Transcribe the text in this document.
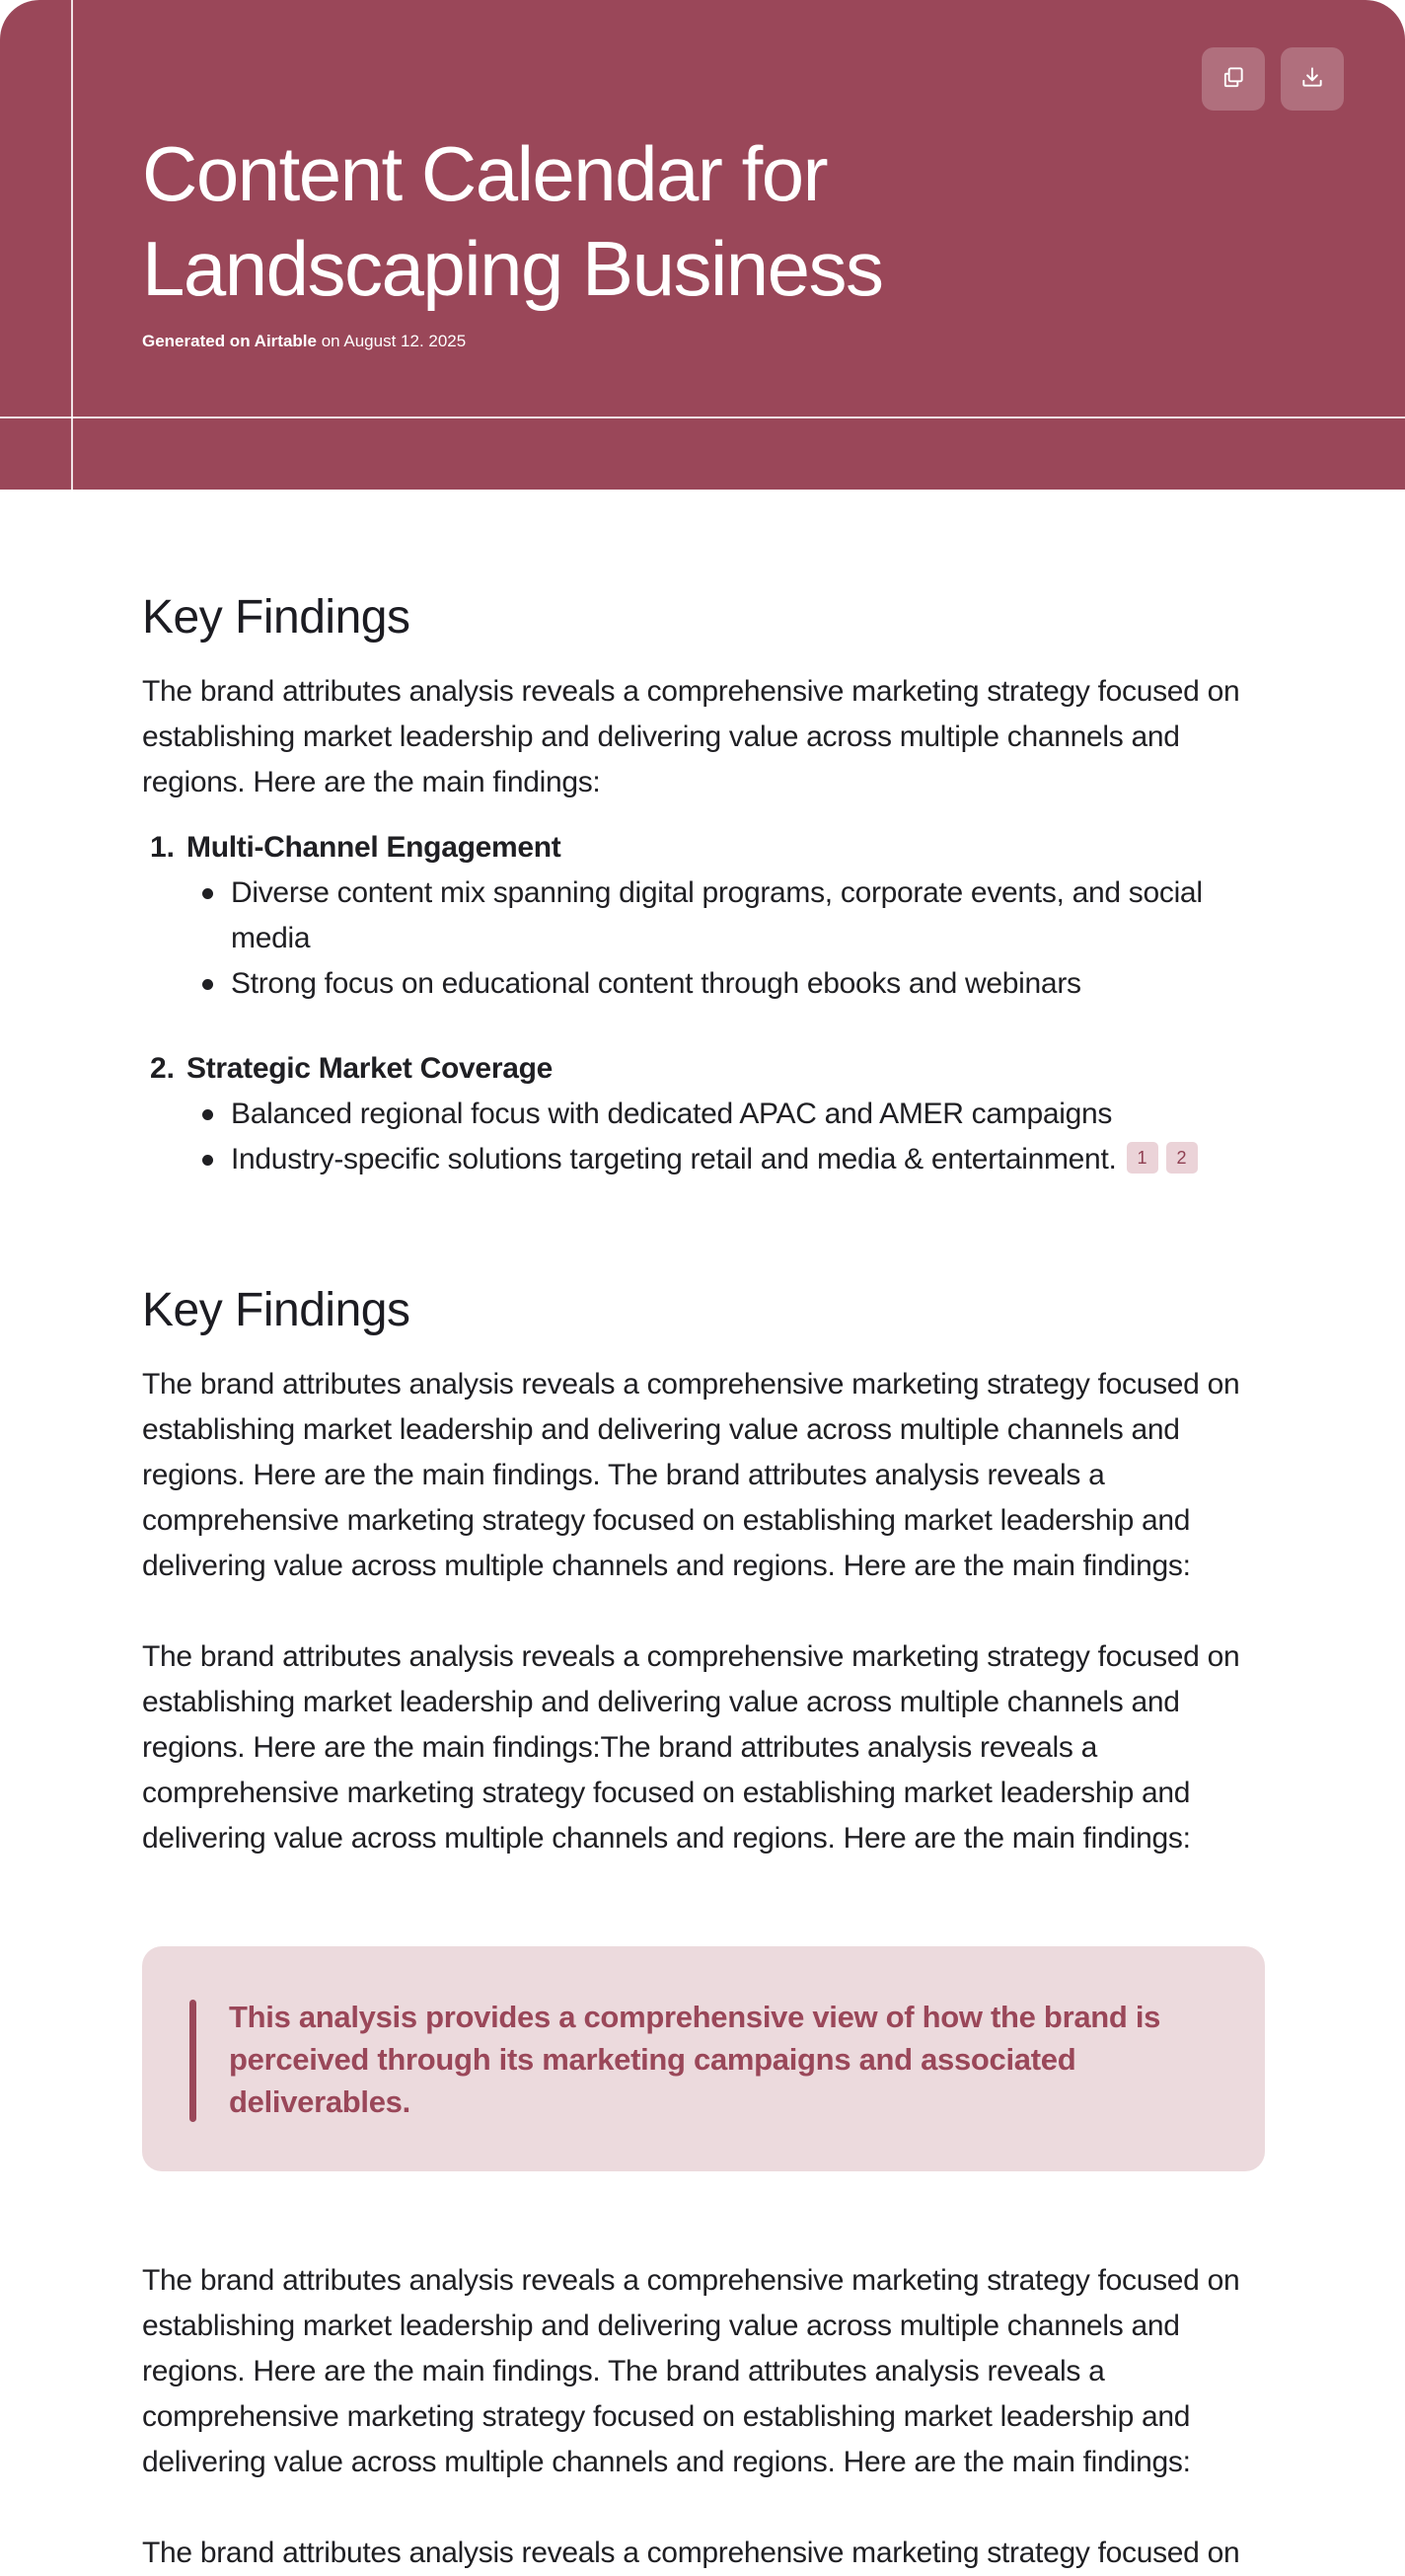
Content Calendar for
Landscaping Business
Generated on Airtable on August 12. 2025
Key Findings

The brand attributes analysis reveals a comprehensive marketing strategy focused on establishing market leadership and delivering value across multiple channels and regions. Here are the main findings:

1. Multi-Channel Engagement
Diverse content mix spanning digital programs, corporate events, and social media
Strong focus on educational content through ebooks and webinars
2. Strategic Market Coverage
Balanced regional focus with dedicated APAC and AMER campaigns
Industry-specific solutions targeting retail and media & entertainment. 1 2
Key Findings

The brand attributes analysis reveals a comprehensive marketing strategy focused on establishing market leadership and delivering value across multiple channels and regions. Here are the main findings. The brand attributes analysis reveals a comprehensive marketing strategy focused on establishing market leadership and delivering value across multiple channels and regions. Here are the main findings:

The brand attributes analysis reveals a comprehensive marketing strategy focused on establishing market leadership and delivering value across multiple channels and regions. Here are the main findings:The brand attributes analysis reveals a comprehensive marketing strategy focused on establishing market leadership and delivering value across multiple channels and regions. Here are the main findings:

This analysis provides a comprehensive view of how the brand is perceived through its marketing campaigns and associated deliverables.

The brand attributes analysis reveals a comprehensive marketing strategy focused on establishing market leadership and delivering value across multiple channels and regions. Here are the main findings. The brand attributes analysis reveals a comprehensive marketing strategy focused on establishing market leadership and delivering value across multiple channels and regions. Here are the main findings:

The brand attributes analysis reveals a comprehensive marketing strategy focused on
